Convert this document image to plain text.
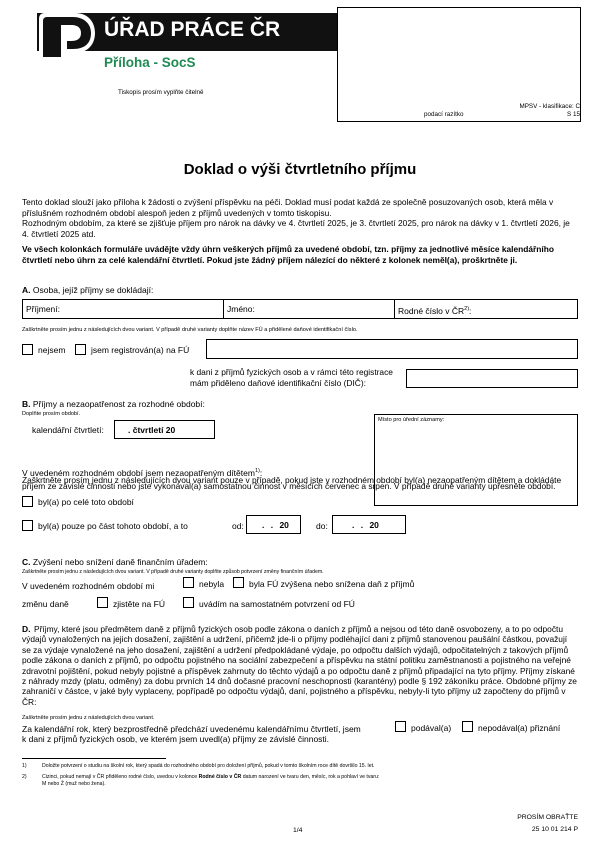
ÚŘAD PRÁCE ČR
Příloha - SocS
Tiskopis prosím vyplňte čitelně
podací razítko
MPSV - klasifikace: C
S 15
Doklad o výši čtvrtletního příjmu
Tento doklad slouží jako příloha k žádosti o zvýšení příspěvku na péči. Doklad musí podat každá ze společně posuzovaných osob, která měla v příslušném rozhodném období alespoň jeden z příjmů uvedených v tomto tiskopisu.
Rozhodným obdobím, za které se zjišťuje příjem pro nárok na dávky ve 4. čtvrtletí 2025, je 3. čtvrtletí 2025, pro nárok na dávky v 1. čtvrtletí 2026, je 4. čtvrtletí 2025 atd.
Ve všech kolonkách formuláře uvádějte vždy úhrn veškerých příjmů za uvedené období, tzn. příjmy za jednotlivé měsíce kalendářního čtvrtletí nebo úhrn za celé kalendářní čtvrtletí. Pokud jste žádný příjem nálezící do některé z kolonek neměl(a), proškrtněte ji.
A. Osoba, jejíž příjmy se dokládají:
Příjmení:	Jméno:	Rodné číslo v ČR$^{2)}$:
Zaškrtněte prosím jednu z následujících dvou variant. V případě druhé varianty doplňte název FÚ a přidělené daňové identifikační číslo.
nejsem	jsem registrován(a) na FÚ
k dani z příjmů fyzických osob a v rámci této registrace mám přiděleno daňové identifikační číslo (DIČ):
B. Příjmy a nezaopatřenost za rozhodné období:
Doplňte prosím období.
kalendářní čtvrtletí:	. čtvrtletí 20
Místo pro úřední záznamy:
V uvedeném rozhodném období jsem nezaopatřeným dítětem$^{1)}$:
Zaškrtněte prosím jednu z následujících dvou variant pouze v případě, pokud jste v rozhodném období byl(a) nezaopatřeným dítětem a dokládáte příjem ze závislé činnosti nebo jste vykonával(a) samostatnou činnost v měsících červenec a srpen. V případě druhé varianty upřesněte období.
byl(a) po celé toto období
byl(a) pouze po část tohoto období, a to	od: . . 20	do:	. . 20
C. Zvýšení nebo snížení daně finančním úřadem:
Zaškrtněte prosím jednu z následujících dvou variant. V případě druhé varianty doplňte způsob potvrzení změny finančním úřadem.
V uvedeném rozhodném období mi	nebyla	byla FÚ zvýšena nebo snížena daň z příjmů
změnu daně	zjistěte na FÚ	uvádím na samostatném potvrzení od FÚ
D. Příjmy, které jsou předmětem daně z příjmů fyzických osob podle zákona o daních z příjmů a nejsou od této daně osvobozeny, a to po odpočtu výdajů vynaložených na jejich dosažení, zajištění a udržení, přičemž jde-li o příjmy podléhající dani z příjmů stanovenou paušální částkou, považují se za výdaje vynaložené na jeho dosažení, zajištění a udržení předpokládané výdaje, po odpočtu dalších výdajů, odpočitatelných z takových příjmů podle zákona o daních z příjmů, po odpočtu pojistného na sociální zabezpečení a příspěvku na státní politiku zaměstnanosti a pojistného na veřejné zdravotní pojištění, pokud nebyly pojistné a příspěvek zahrnuty do těchto výdajů a po odpočtu daně z příjmů připadající na tyto příjmy. Příjmy získané z náhrady mzdy (platu, odměny) za dobu prvních 14 dnů dočasné pracovní neschopnosti (karantény) podle § 192 zákoníku práce. Obdobné příjmy ze zahraničí v částce, v jaké byly vyplaceny, popřípadě po odpočtu výdajů, daní, pojistného a příspěvku, nebyly-li tyto příjmy už započteny do příjmů v ČR:
Zaškrtněte prosím jednu z následujících dvou variant.
Za kalendářní rok, který bezprostředně předchází uvedenému kalendářnímu čtvrtletí, jsem	podával(a)	nepodával(a) přiznání
k dani z příjmů fyzických osob, ve kterém jsem uvedl(a) příjmy ze závislé činnosti.
1)	Doložte potvrzení o studiu na školní rok, který spadá do rozhodného období pro doložení příjmů, pokud v tomto školním roce dítě dovršilo 15. let.
2)	Cizinci, pokud nemají v ČR přiděleno rodné číslo, uvedou v kolonce Rodné číslo v ČR datum narození ve tvaru den, měsíc, rok a pohlaví ve tvaru:
M nebo Ž (muž nebo žena).
1/4
PROSÍM OBRAŤTE
25 10 01 214 P
